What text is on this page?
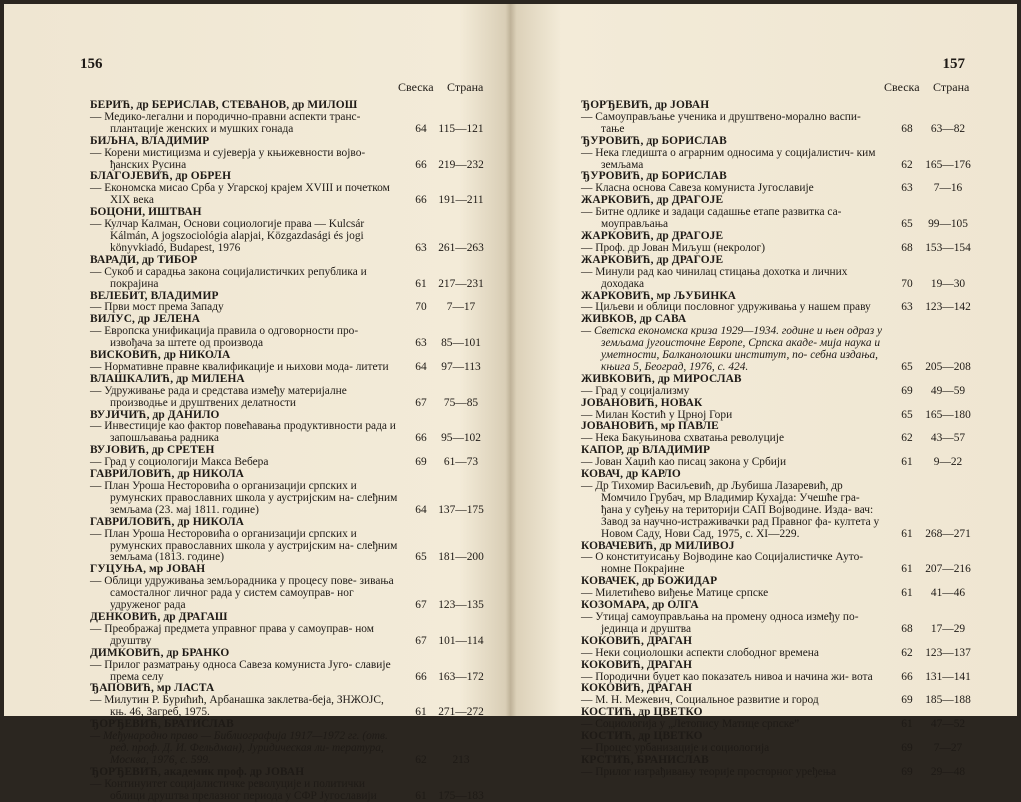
156
Свеска Страна
БЕРИЋ, др БЕРИСЛАВ, СТЕВАНОВ, др МИЛОШ
— Медико-легални и породично-правни аспекти транс- плантације женских и мушких гонада	64	115—121
БИЉНА, ВЛАДИМИР
— Корени мистицизма и сујеверја у књижевности војво- ђанских Русина	66	219—232
БЛАГОЈЕВИЋ, др ОБРЕН
— Економска мисао Срба у Угарској крајем XVIII и почетком XIX века	66	191—211
БОЦОНИ, ИШТВАН
— Кулчар Калман, Основи социологије права — Kulcsár Kálmán, A jogszociológia alapjai, Közgazdasági és jogi könyvkiadó, Budapest, 1976	63	261—263
ВАРАДИ, др ТИБОР
— Сукоб и сарадња закона социјалистичких република и покрајина	61	217—231
ВЕЛЕБИТ, ВЛАДИМИР
— Први мост према Западу	70	7—17
ВИЛУС, др ЈЕЛЕНА
— Европска унификација правила о одговорности про- извођача за штете од производа	63	85—101
ВИСКОВИЋ, др НИКОЛА
— Нормативне правне квалификације и њихови мода- литети	64	97—113
ВЛАШКАЛИЋ, др МИЛЕНА
— Удруживање рада и средстава између материјалне производње и друштвених делатности	67	75—85
ВУЈИЧИЋ, др ДАНИЛО
— Инвестиције као фактор повећавања продуктивности рада и запошљавања радника	66	95—102
ВУЈОВИЋ, др СРЕТЕН
— Град у социологији Макса Вебера	69	61—73
ГАВРИЛОВИЋ, др НИКОЛА
— План Уроша Несторовића о организацији српских и румунских православних школа у аустријским на- слеђним земљама (23. мај 1811. године)	64	137—175
ГАВРИЛОВИЋ, др НИКОЛА
— План Уроша Несторовића о организацији српских и румунских православних школа у аустријским на- слеђним земљама (1813. године)	65	181—200
ГУЦУЊА, мр ЈОВАН
— Облици удруживања земљорадника у процесу пове- зивања самосталног личног рада у систем самоуправ- ног удруженог рада	67	123—135
ДЕНКОВИЋ, др ДРАГАШ
— Преображај предмета управног права у самоуправ- ном друштву	67	101—114
ДИМКОВИЋ, др БРАНКО
— Прилог разматрању односа Савеза комуниста Југо- славије према селу	66	163—172
ЂАПОВИЋ, мр ЛАСТА
— Милутин Р. Бурићић, Арбанашка заклетва-беја, ЗНЖОЈС, књ. 46, Загреб, 1975.	61	271—272
ЂОРЂЕВИЋ, БРАТИСЛАВ
— Међународно право — Библиографија 1917—1972 гг. (отв. ред. проф. Д. И. Фельдман), Јуридическая ли- тература, Москва, 1976, с. 599.	62	213
ЂОРЂЕВИЋ, академик проф. др ЈОВАН
— Континуитет социјалистичке револуције и политички облици друштва прелазног периода у СФР Југославији	61	175—183
157
Свеска Страна
ЂОРЂЕВИЋ, др ЈОВАН
— Самоуправљање ученика и друштвено-морално васпи- тање	68	63—82
ЂУРОВИЋ, др БОРИСЛАВ
— Нека гледишта о аграрним односима у социјалистич- ким земљама	62	165—176
ЂУРОВИЋ, др БОРИСЛАВ
— Класна основа Савеза комуниста Југославије	63	7—16
ЖАРКОВИЋ, др ДРАГОЈЕ
— Битне одлике и задаци садашње етапе развитка са- моуправљања	65	99—105
ЖАРКОВИЋ, др ДРАГОЈЕ
— Проф. др Јован Миљуш (некролог)	68	153—154
ЖАРКОВИЋ, др ДРАГОЈЕ
— Минули рад као чинилац стицања дохотка и личних доходака	70	19—30
ЖАРКОВИЋ, мр ЉУБИНКА
— Циљеви и облици пословног удруживања у нашем праву	63	123—142
ЖИВКОВ, др САВА
— Светска економска криза 1929—1934. године и њен одраз у земљама југоисточне Европе, Српска акаде- мија наука и уметности, Балканолошки институт, по- себна издања, књига 5, Београд, 1976, с. 424.	65	205—208
ЖИВКОВИЋ, др МИРОСЛАВ
— Град у социјализму	69	49—59
ЈОВАНОВИЋ, НОВАК
— Милан Костић у Црној Гори	65	165—180
ЈОВАНОВИЋ, мр ПАВЛЕ
— Нека Бакуњинова схватања револуције	62	43—57
КАПОР, др ВЛАДИМИР
— Јован Хаџић као писац закона у Србији	61	9—22
КОВАЧ, др КАРЛО
— Др Тихомир Васиљевић, др Љубиша Лазаревић, др Момчило Грубач, мр Владимир Кухајда: Учешће гра- ђана у суђењу на територији САП Војводине. Изда- вач: Завод за научно-истраживачки рад Правног фа- култета у Новом Саду, Нови Сад, 1975, с. XI—229.	61	268—271
КОВАЧЕВИЋ, др МИЛИВОЈ
— О конституисању Војводине као Социјалистичке Ауто- номне Покрајине	61	207—216
КОВАЧЕК, др БОЖИДАР
— Милетићево виђење Матице српске	61	41—46
КОЗОМАРА, др ОЛГА
— Утицај самоуправљања на промену односа између по- јединца и друштва	68	17—29
КОКОВИЋ, ДРАГАН
— Неки социолошки аспекти слободног времена	62	123—137
КОКОВИЋ, ДРАГАН
— Породични буџет као показатељ нивоа и начина жи- вота	66	131—141
КОКОВИЋ, ДРАГАН
— М. Н. Межевич, Социальное развитие и город	69	185—188
КОСТИЋ, др ЦВЕТКО
— Социологија у „Летопису Матице српске”	61	47—52
КОСТИЋ, др ЦВЕТКО
— Процес урбанизације и социологија	69	7—27
КРСТИЋ, БРАНИСЛАВ
— Прилог изграђивању теорије просторног уређења	69	29—48
